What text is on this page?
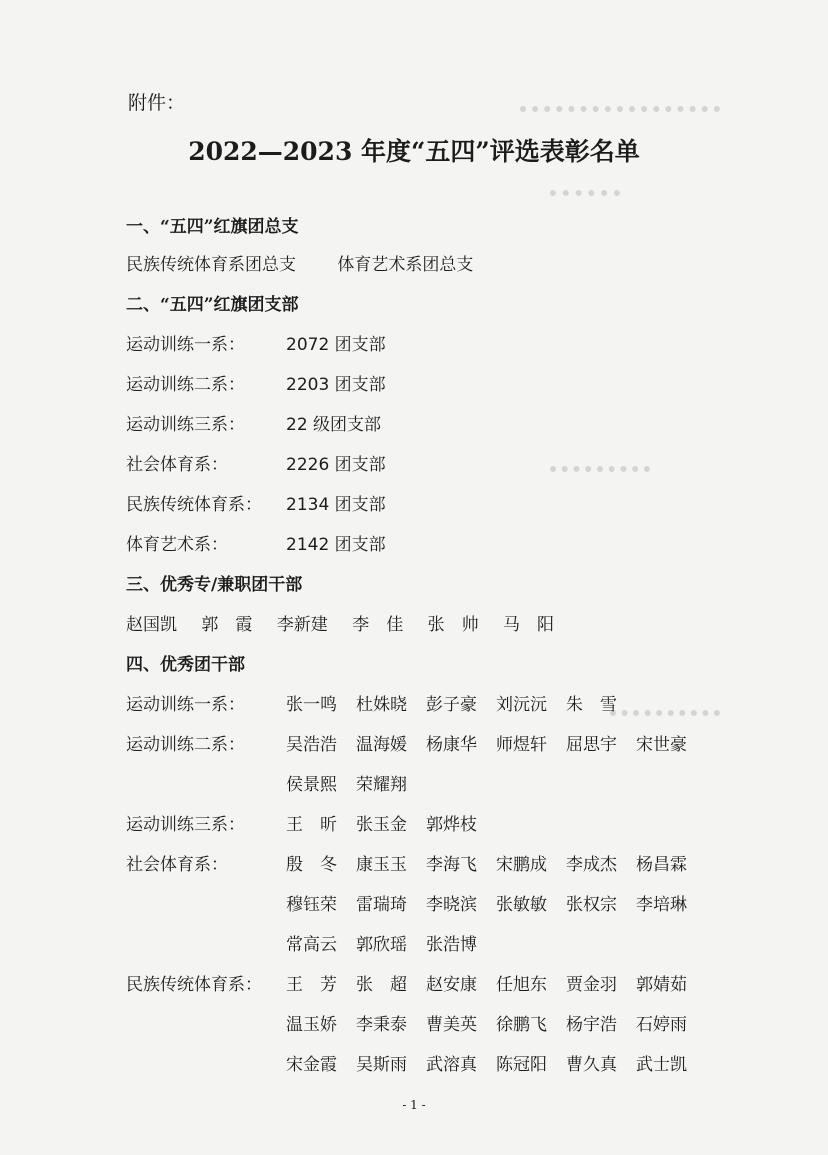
附件：
2022—2023 年度“五四”评选表彰名单
一、“五四”红旗团总支
民族传统体育系团总支 体育艺术系团总支
二、“五四”红旗团支部
运动训练一系： 2072 团支部
运动训练二系： 2203 团支部
运动训练三系： 22 级团支部
社会体育系：	2226 团支部
民族传统体育系： 2134 团支部
体育艺术系：	2142 团支部
三、优秀专/兼职团干部
赵国凯 郭　霞 李新建 李　佳 张　帅 马　阳
四、优秀团干部
运动训练一系： 张一鸣 杜姝晓 彭子豪 刘沅沅 朱　雪
运动训练二系： 吴浩浩 温海媛 杨康华 师煜轩 屈思宇 宋世豪
侯景熙 荣耀翔
运动训练三系： 王　昕 张玉金 郭烨枝
社会体育系：	殷　冬 康玉玉 李海飞 宋鹏成 李成杰 杨昌霖
穆钰荣 雷瑞琦 李晓滨 张敏敏 张权宗 李培琳
常高云 郭欣瑶 张浩博
民族传统体育系： 王　芳 张　超 赵安康 任旭东 贾金羽 郭婧茹
温玉娇 李秉泰 曹美英 徐鹏飞 杨宇浩 石婷雨
宋金霞 吴斯雨 武溶真 陈冠阳 曹久真 武士凯
- 1 -
